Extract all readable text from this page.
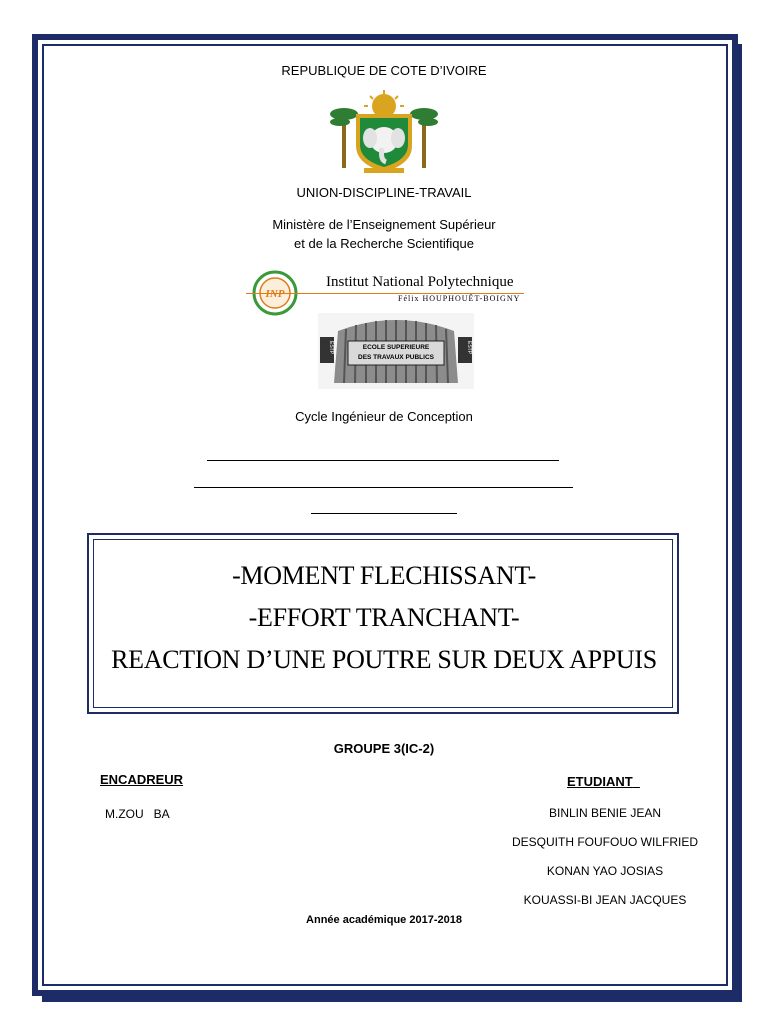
REPUBLIQUE DE COTE D’IVOIRE
UNION-DISCIPLINE-TRAVAIL
Ministère de l’Enseignement Supérieur
et de la Recherche Scientifique
INP
Institut National Polytechnique
Félix HOUPHOUËT-BOIGNY
ESTP	ESTP
ECOLE SUPERIEURE
DES TRAVAUX PUBLICS
Cycle Ingénieur de Conception
-MOMENT FLECHISSANT-
-EFFORT TRANCHANT-
REACTION D’UNE POUTRE SUR DEUX APPUIS
GROUPE 3(IC-2)
ENCADREUR
M.ZOU   BA
ETUDIANT
BINLIN BENIE JEAN
DESQUITH FOUFOUO WILFRIED
KONAN YAO JOSIAS
KOUASSI-BI JEAN JACQUES
Année académique 2017-2018
